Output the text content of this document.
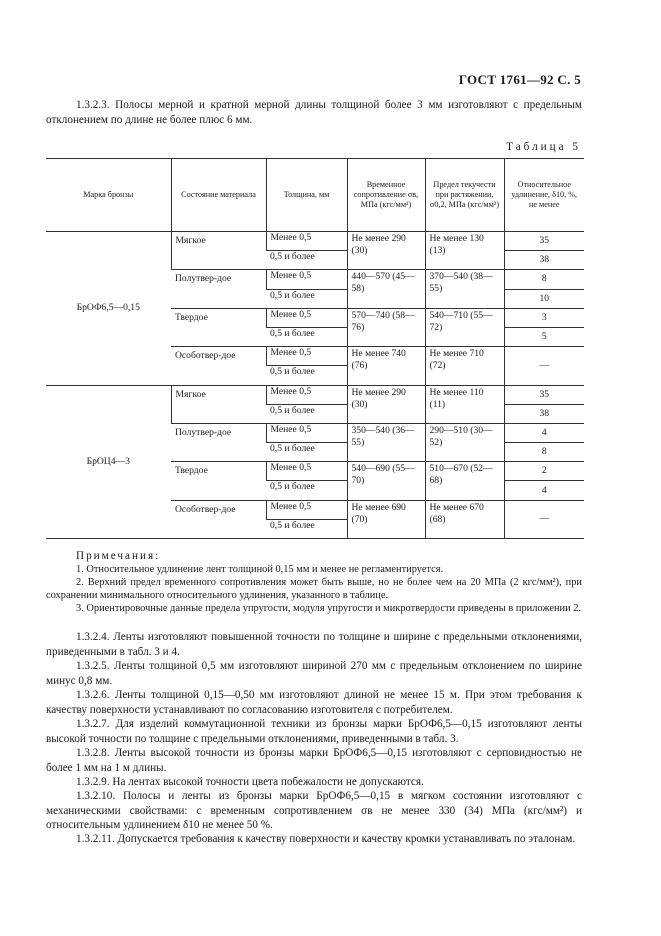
ГОСТ 1761—92 С. 5

1.3.2.3. Полосы мерной и кратной мерной длины толщиной более 3 мм изготовляют с предельным отклонением по длине не более плюс 6 мм.

Таблица 5
Марка бронзы	Состояние материала	Толщина, мм	Временное сопротивление σв, МПа (кгс/мм²)	Предел текучести при растяжении, σ0,2, МПа (кгс/мм²)	Относительное удлинение, δ10, %, не менее
БрОФ6,5—0,15	Мягкое	Менее 0,5	Не менее 290 (30)	Не менее 130 (13)	35
		0,5 и более			38
	Полутвер-дое	Менее 0,5	440—570 (45—58)	370—540 (38—55)	8
		0,5 и более			10
	Твердое	Менее 0,5	570—740 (58—76)	540—710 (55—72)	3
		0,5 и более			5
	Особотвер-дое	Менее 0,5	Не менее 740 (76)	Не менее 710 (72)	—
		0,5 и более			
БрОЦ4—3	Мягкое	Менее 0,5	Не менее 290 (30)	Не менее 110 (11)	35
		0,5 и более			38
	Полутвер-дое	Менее 0,5	350—540 (36—55)	290—510 (30—52)	4
		0,5 и более			8
	Твердое	Менее 0,5	540—690 (55—70)	510—670 (52—68)	2
		0,5 и более			4
	Особотвер-дое	Менее 0,5	Не менее 690 (70)	Не менее 670 (68)	—
		0,5 и более			
Примечания:

1. Относительное удлинение лент толщиной 0,15 мм и менее не регламентируется.

2. Верхний предел временного сопротивления может быть выше, но не более чем на 20 МПа (2 кгс/мм²), при сохранении минимального относительного удлинения, указанного в таблице.

3. Ориентировочные данные предела упругости, модуля упругости и микротвердости приведены в приложении 2.

1.3.2.4. Ленты изготовляют повышенной точности по толщине и ширине с предельными отклонениями, приведенными в табл. 3 и 4.

1.3.2.5. Ленты толщиной 0,5 мм изготовляют шириной 270 мм с предельным отклонением по ширине минус 0,8 мм.

1.3.2.6. Ленты толщиной 0,15—0,50 мм изготовляют длиной не менее 15 м. При этом требования к качеству поверхности устанавливают по согласованию изготовителя с потребителем.

1.3.2.7. Для изделий коммутационной техники из бронзы марки БрОФ6,5—0,15 изготовляют ленты высокой точности по толщине с предельными отклонениями, приведенными в табл. 3.

1.3.2.8. Ленты высокой точности из бронзы марки БрОФ6,5—0,15 изготовляют с серповидностью не более 1 мм на 1 м длины.

1.3.2.9. На лентах высокой точности цвета побежалости не допускаются.

1.3.2.10. Полосы и ленты из бронзы марки БрОФ6,5—0,15 в мягком состоянии изготовляют с механическими свойствами: с временным сопротивлением σв не менее 330 (34) МПа (кгс/мм²) и относительным удлинением δ10 не менее 50 %.

1.3.2.11. Допускается требования к качеству поверхности и качеству кромки устанавливать по эталонам.
